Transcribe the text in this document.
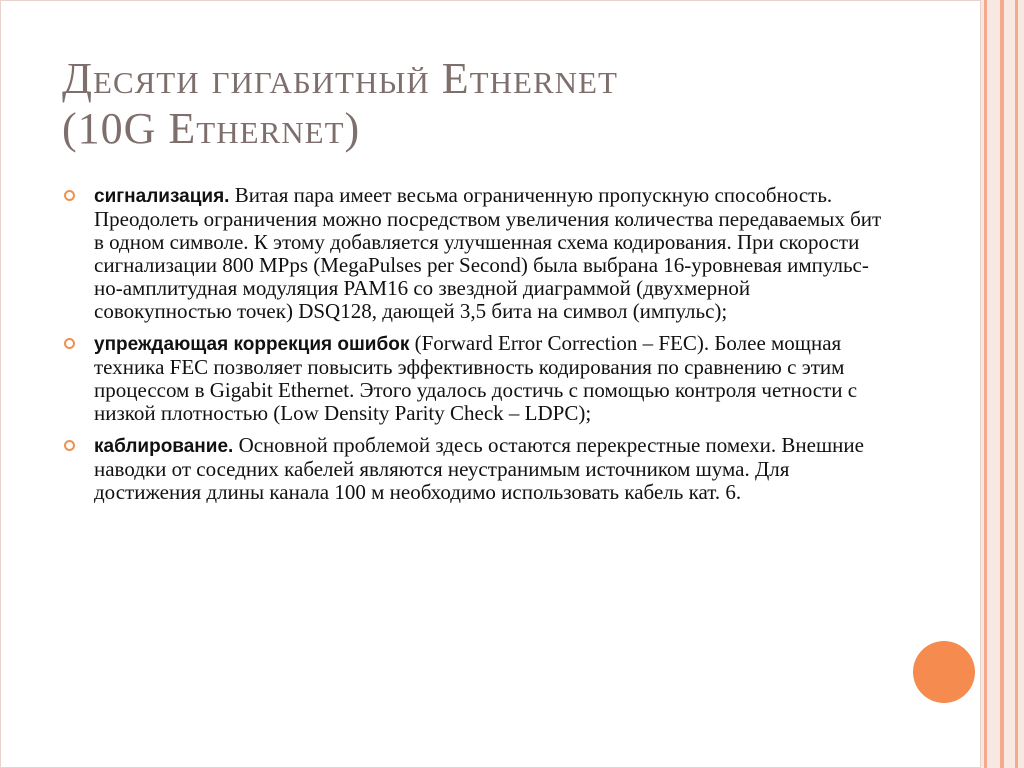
Десяти гигабитный Ethernet
(10G Ethernet)
сигнализация. Витая пара имеет весьма ограниченную пропускную способность. Преодолеть ограничения можно посредством увеличения количества передаваемых бит в одном символе. К этому добавляется улучшенная схема кодирования. При скорости сигнализации 800 MPps (MegaPulses per Second) была выбрана 16-уровневая импульс-но-амплитудная модуляция PAM16 со звездной диаграммой (двухмерной совокупностью точек) DSQ128, дающей 3,5 бита на символ (импульс);
упреждающая коррекция ошибок (Forward Error Correction – FEC). Более мощная техника FEC позволяет повысить эффективность кодирования по сравнению с этим процессом в Gigabit Ethernet. Этого удалось достичь с помощью контроля четности с низкой плотностью (Low Density Parity Check – LDPC);
каблирование. Основной проблемой здесь остаются перекрестные помехи. Внешние наводки от соседних кабелей являются неустранимым источником шума. Для достижения длины канала 100 м необходимо использовать кабель кат. 6.
